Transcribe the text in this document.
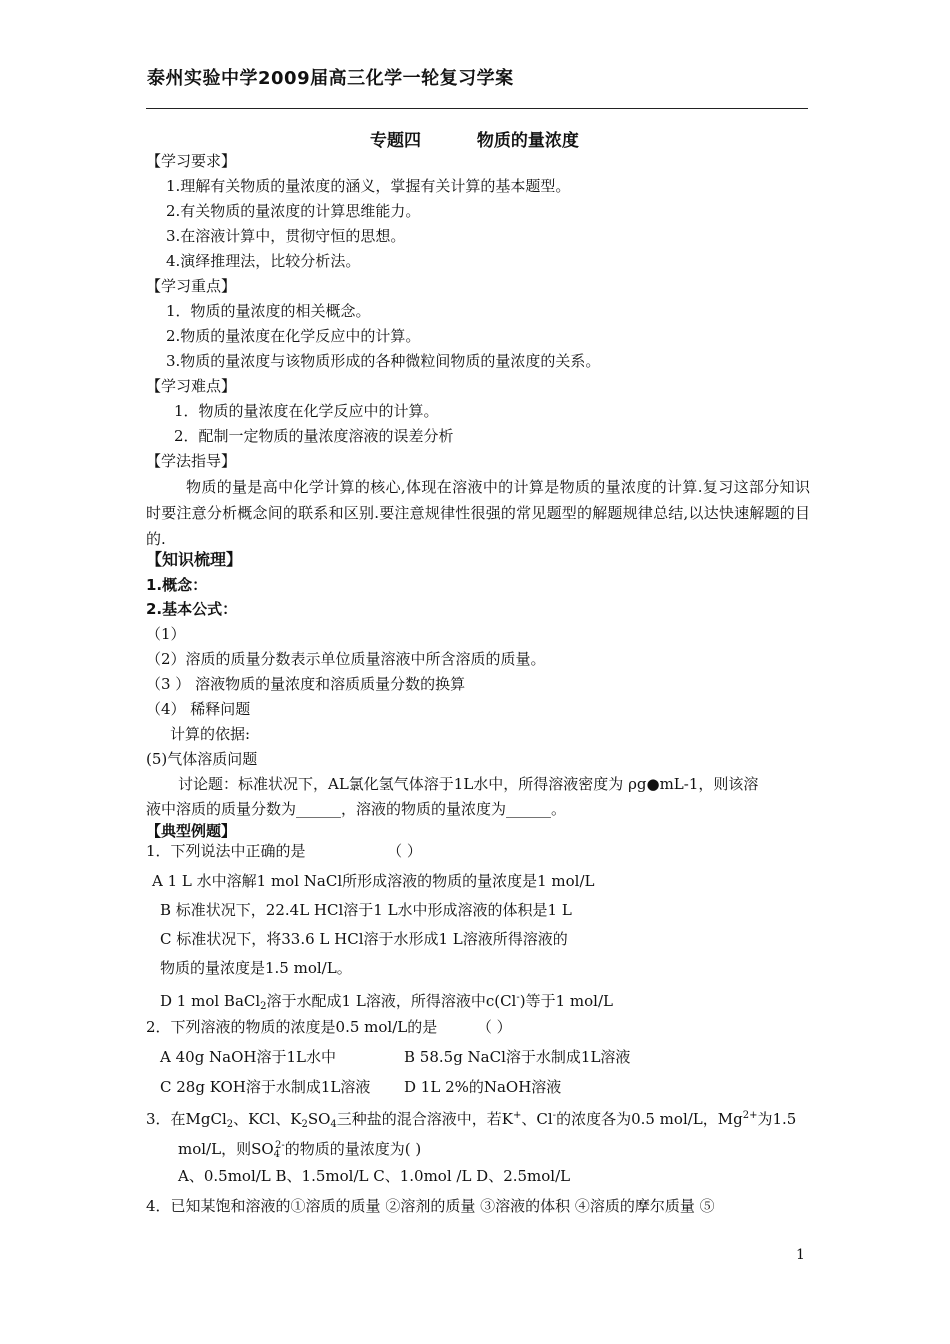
泰州实验中学2009届高三化学一轮复习学案
专题四	物质的量浓度
【学习要求】
1.理解有关物质的量浓度的涵义，掌握有关计算的基本题型。
2.有关物质的量浓度的计算思维能力。
3.在溶液计算中，贯彻守恒的思想。
4.演绎推理法，比较分析法。
【学习重点】
1．物质的量浓度的相关概念。
2.物质的量浓度在化学反应中的计算。
3.物质的量浓度与该物质形成的各种微粒间物质的量浓度的关系。
【学习难点】
1．物质的量浓度在化学反应中的计算。
2．配制一定物质的量浓度溶液的误差分析
【学法指导】
物质的量是高中化学计算的核心,体现在溶液中的计算是物质的量浓度的计算.复习这部分知识时要注意分析概念间的联系和区别.要注意规律性很强的常见题型的解题规律总结,以达快速解题的目的.
【知识梳理】
1.概念：
2.基本公式：
（1）
（2）溶质的质量分数表示单位质量溶液中所含溶质的质量。
（3 ） 溶液物质的量浓度和溶质质量分数的换算
（4） 稀释问题
计算的依据:
(5)气体溶质问题
讨论题：标准状况下，AL氯化氢气体溶于1L水中，所得溶液密度为 ρg●mL-1，则该溶
液中溶质的质量分数为______，溶液的物质的量浓度为______。
【典型例题】
1．下列说法中正确的是	（ ）
A 1 L 水中溶解1 mol NaCl所形成溶液的物质的量浓度是1 mol/L
B 标准状况下，22.4L HCl溶于1 L水中形成溶液的体积是1 L
C 标准状况下，将33.6 L HCl溶于水形成1 L溶液所得溶液的
物质的量浓度是1.5 mol/L。
D 1 mol BaCl$_2$溶于水配成1 L溶液，所得溶液中c(Cl-)等于1 mol/L
2．下列溶液的物质的浓度是0.5 mol/L的是	（ ）
A 40g NaOH溶于1L水中	B 58.5g NaCl溶于水制成1L溶液
C 28g KOH溶于水制成1L溶液 D 1L 2%的NaOH溶液
3．在MgCl$_2$、KCl、$K_2SO_4$三种盐的混合溶液中，若K+、Cl-的浓度各为0.5 mol/L，$Mg^{2+}$为1.5
mol/L，则$SO_4^{2-}$的物质的量浓度为( )
A、0.5mol/L B、1.5mol/L C、1.0mol /L D、2.5mol/L
4．已知某饱和溶液的①溶质的质量 ②溶剂的质量 ③溶液的体积 ④溶质的摩尔质量 ⑤
1
